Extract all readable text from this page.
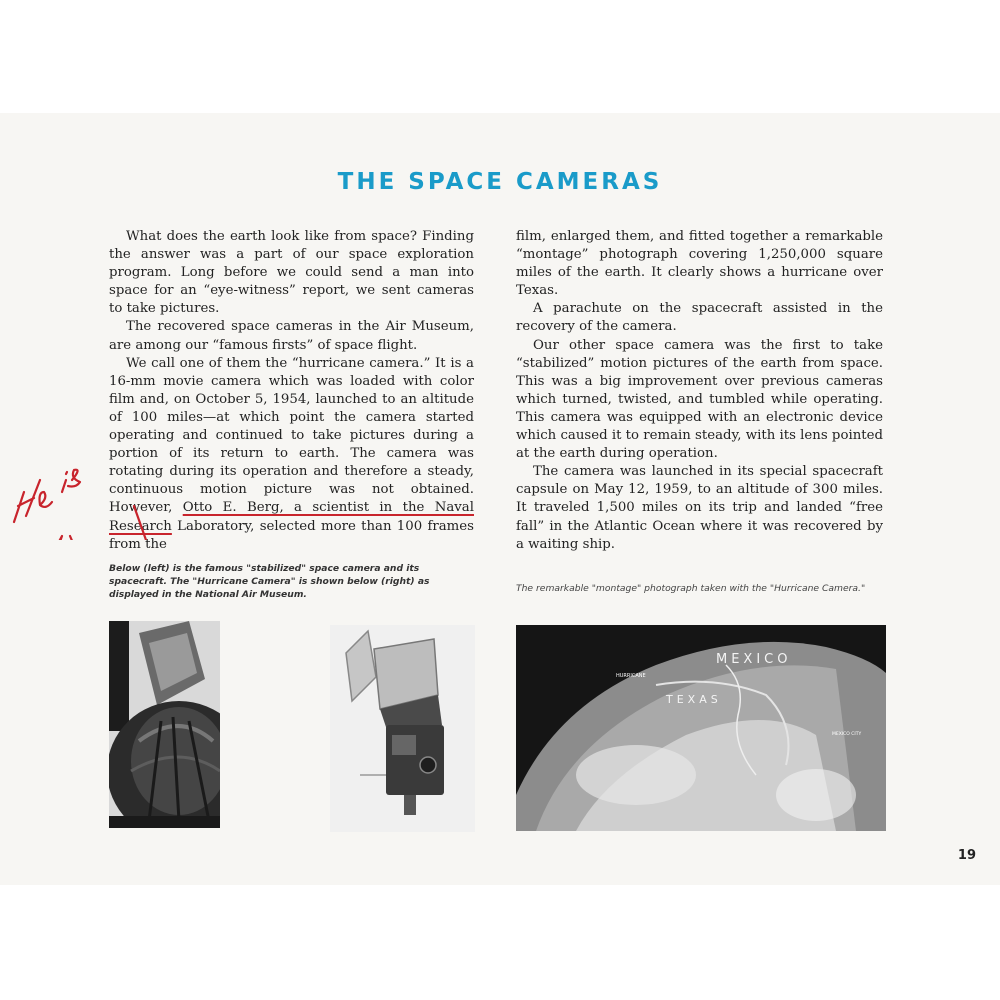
THE SPACE CAMERAS

What does the earth look like from space? Finding the answer was a part of our space exploration program. Long before we could send a man into space for an “eye-witness” report, we sent cameras to take pictures.

The recovered space cameras in the Air Museum, are among our “famous firsts” of space flight.

We call one of them the “hurricane camera.” It is a 16-mm movie camera which was loaded with color film and, on October 5, 1954, launched to an altitude of 100 miles—at which point the camera started operating and continued to take pictures during a portion of its return to earth. The camera was rotating during its operation and therefore a steady, continuous motion picture was not obtained. However, Otto E. Berg, a scientist in the Naval Research Laboratory, selected more than 100 frames from the

film, enlarged them, and fitted together a remarkable “montage” photograph covering 1,250,000 square miles of the earth. It clearly shows a hurricane over Texas.

A parachute on the spacecraft assisted in the recovery of the camera.

Our other space camera was the first to take “stabilized” motion pictures of the earth from space. This was a big improvement over previous cameras which turned, twisted, and tumbled while operating. This camera was equipped with an electronic device which caused it to remain steady, with its lens pointed at the earth during operation.

The camera was launched in its special spacecraft capsule on May 12, 1959, to an altitude of 300 miles. It traveled 1,500 miles on its trip and landed “free fall” in the Atlantic Ocean where it was recovered by a waiting ship.

Below (left) is the famous "stabilized" space camera and its spacecraft. The "Hurricane Camera" is shown below (right) as displayed in the National Air Museum.
The remarkable "montage" photograph taken with the "Hurricane Camera."
MEXICO
TEXAS
HURRICANE
MEXICO CITY
19
